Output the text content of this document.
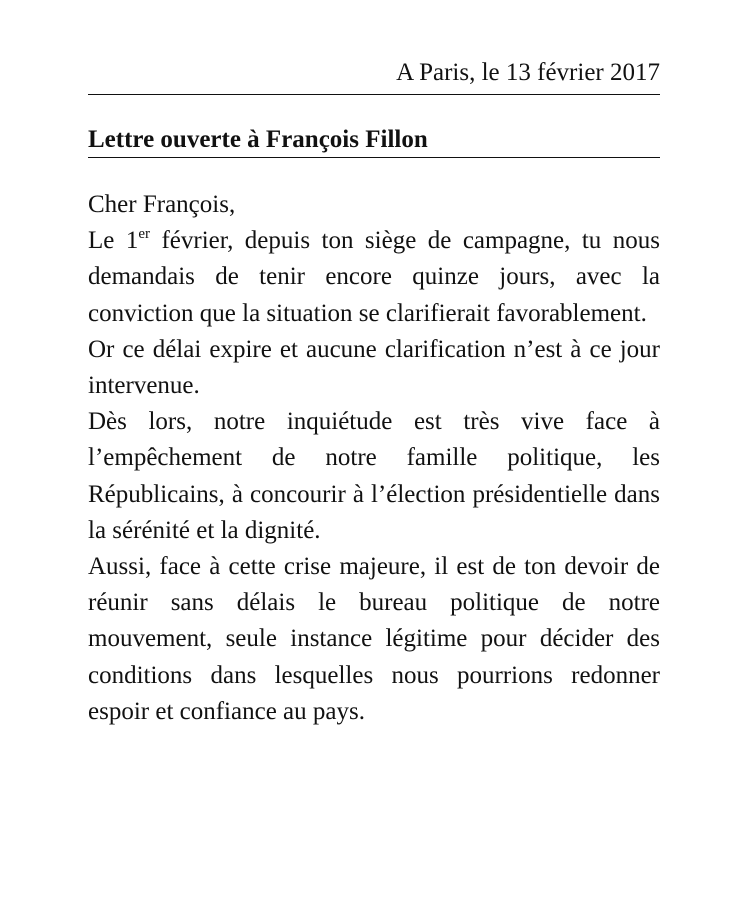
A Paris, le 13 février 2017
Lettre ouverte à François Fillon

Cher François,

Le 1er février, depuis ton siège de campagne, tu nous demandais de tenir encore quinze jours, avec la conviction que la situation se clarifierait favorablement.

Or ce délai expire et aucune clarification n’est à ce jour intervenue.

Dès lors, notre inquiétude est très vive face à l’empêchement de notre famille politique, les Républicains, à concourir à l’élection présidentielle dans la sérénité et la dignité.

Aussi, face à cette crise majeure, il est de ton devoir de réunir sans délais le bureau politique de notre mouvement, seule instance légitime pour décider des conditions dans lesquelles nous pourrions redonner espoir et confiance au pays.
